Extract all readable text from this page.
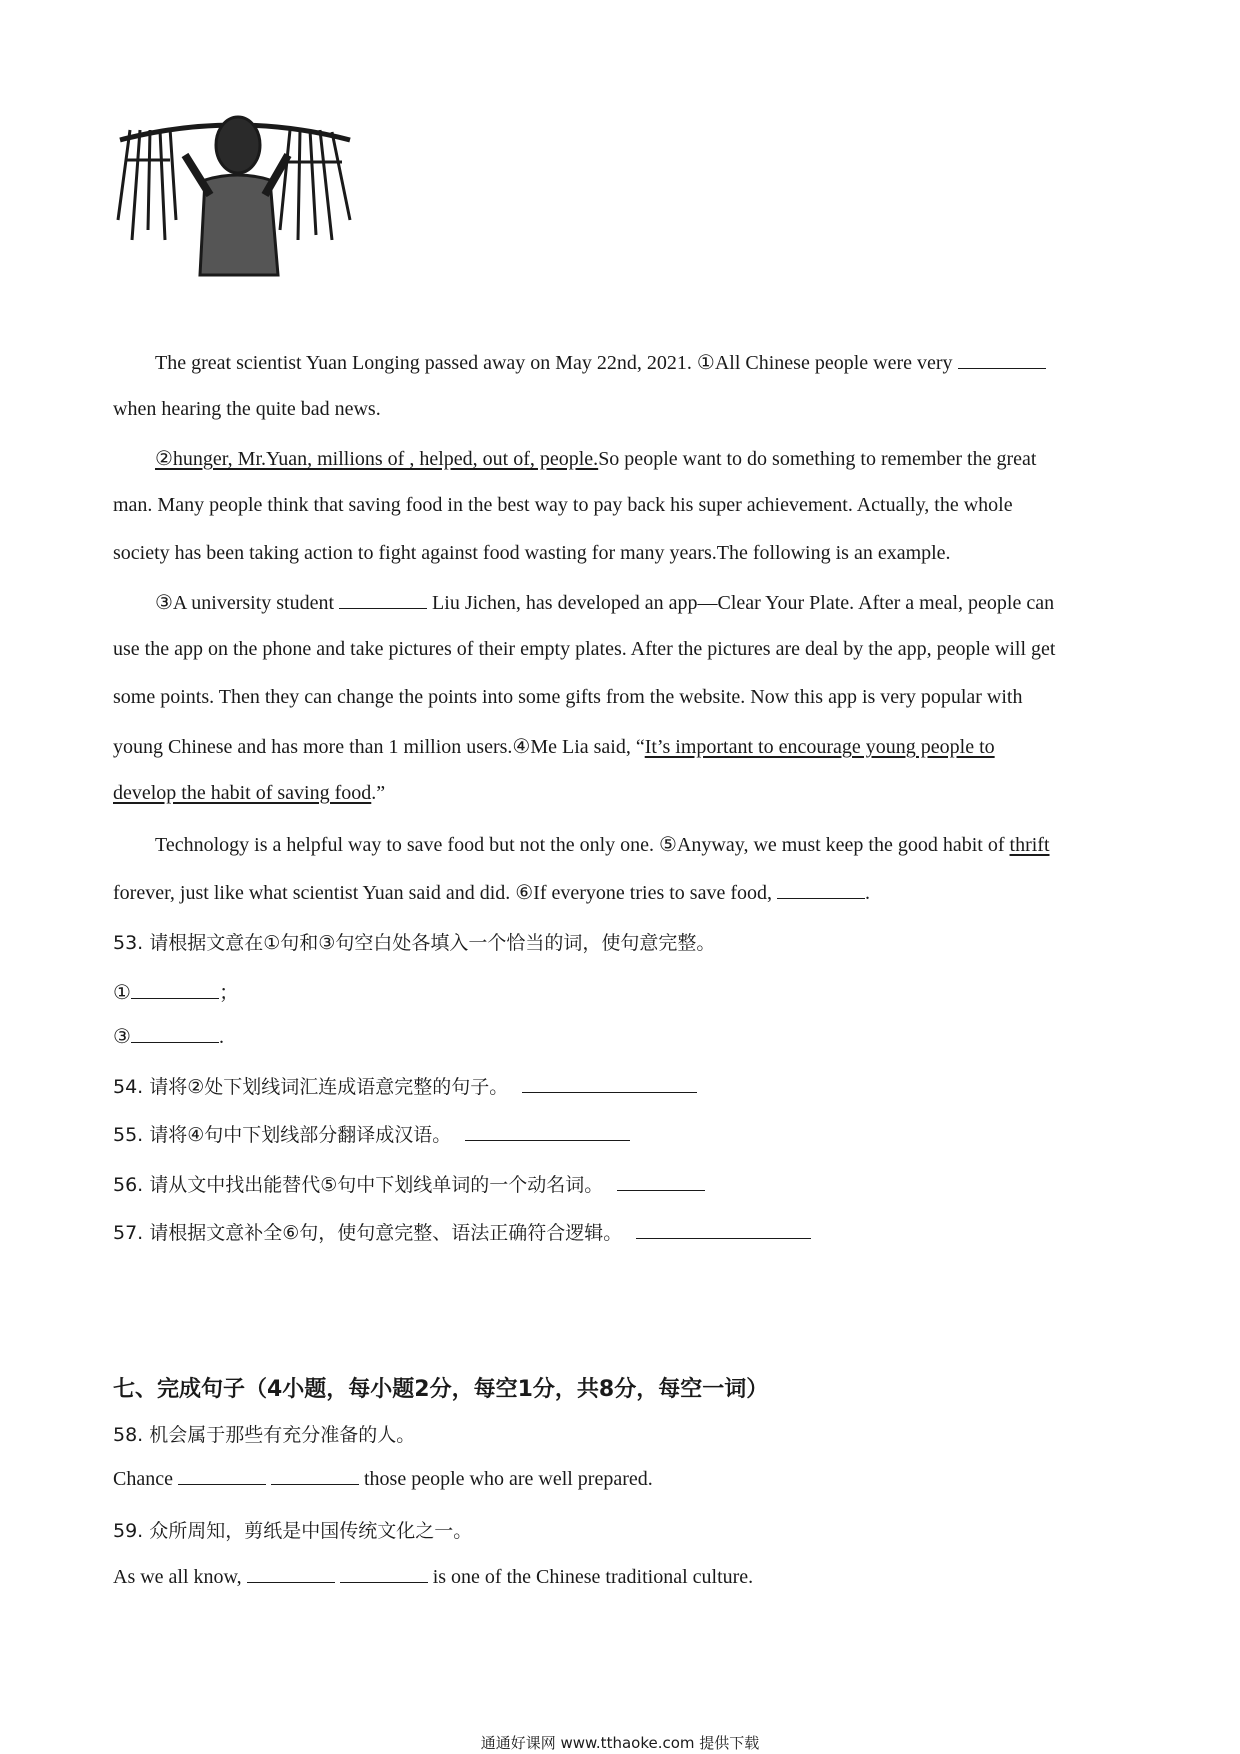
The great scientist Yuan Longing passed away on May 22nd, 2021. ①All Chinese people were very
when hearing the quite bad news.
②hunger, Mr.Yuan, millions of , helped, out of, people.So people want to do something to remember the great
man. Many people think that saving food in the best way to pay back his super achievement. Actually, the whole
society has been taking action to fight against food wasting for many years.The following is an example.
③A university student	Liu Jichen, has developed an app—Clear Your Plate. After a meal, people can
use the app on the phone and take pictures of their empty plates. After the pictures are deal by the app, people will get
some points. Then they can change the points into some gifts from the website. Now this app is very popular with
young Chinese and has more than 1 million users.④Me Lia said, “It’s important to encourage young people to
develop the habit of saving food.”
Technology is a helpful way to save food but not the only one. ⑤Anyway, we must keep the good habit of thrift
forever, just like what scientist Yuan said and did. ⑥If everyone tries to save food,	.
53. 请根据文意在①句和③句空白处各填入一个恰当的词，使句意完整。
①	；
③	.
54. 请将②处下划线词汇连成语意完整的句子。
55. 请将④句中下划线部分翻译成汉语。
56. 请从文中找出能替代⑤句中下划线单词的一个动名词。
57. 请根据文意补全⑥句，使句意完整、语法正确符合逻辑。
七、完成句子（4小题，每小题2分，每空1分，共8分，每空一词）
58. 机会属于那些有充分准备的人。
Chance	those people who are well prepared.
59. 众所周知，剪纸是中国传统文化之一。
As we all know,	is one of the Chinese traditional culture.
通通好课网 www.tthaoke.com 提供下载
